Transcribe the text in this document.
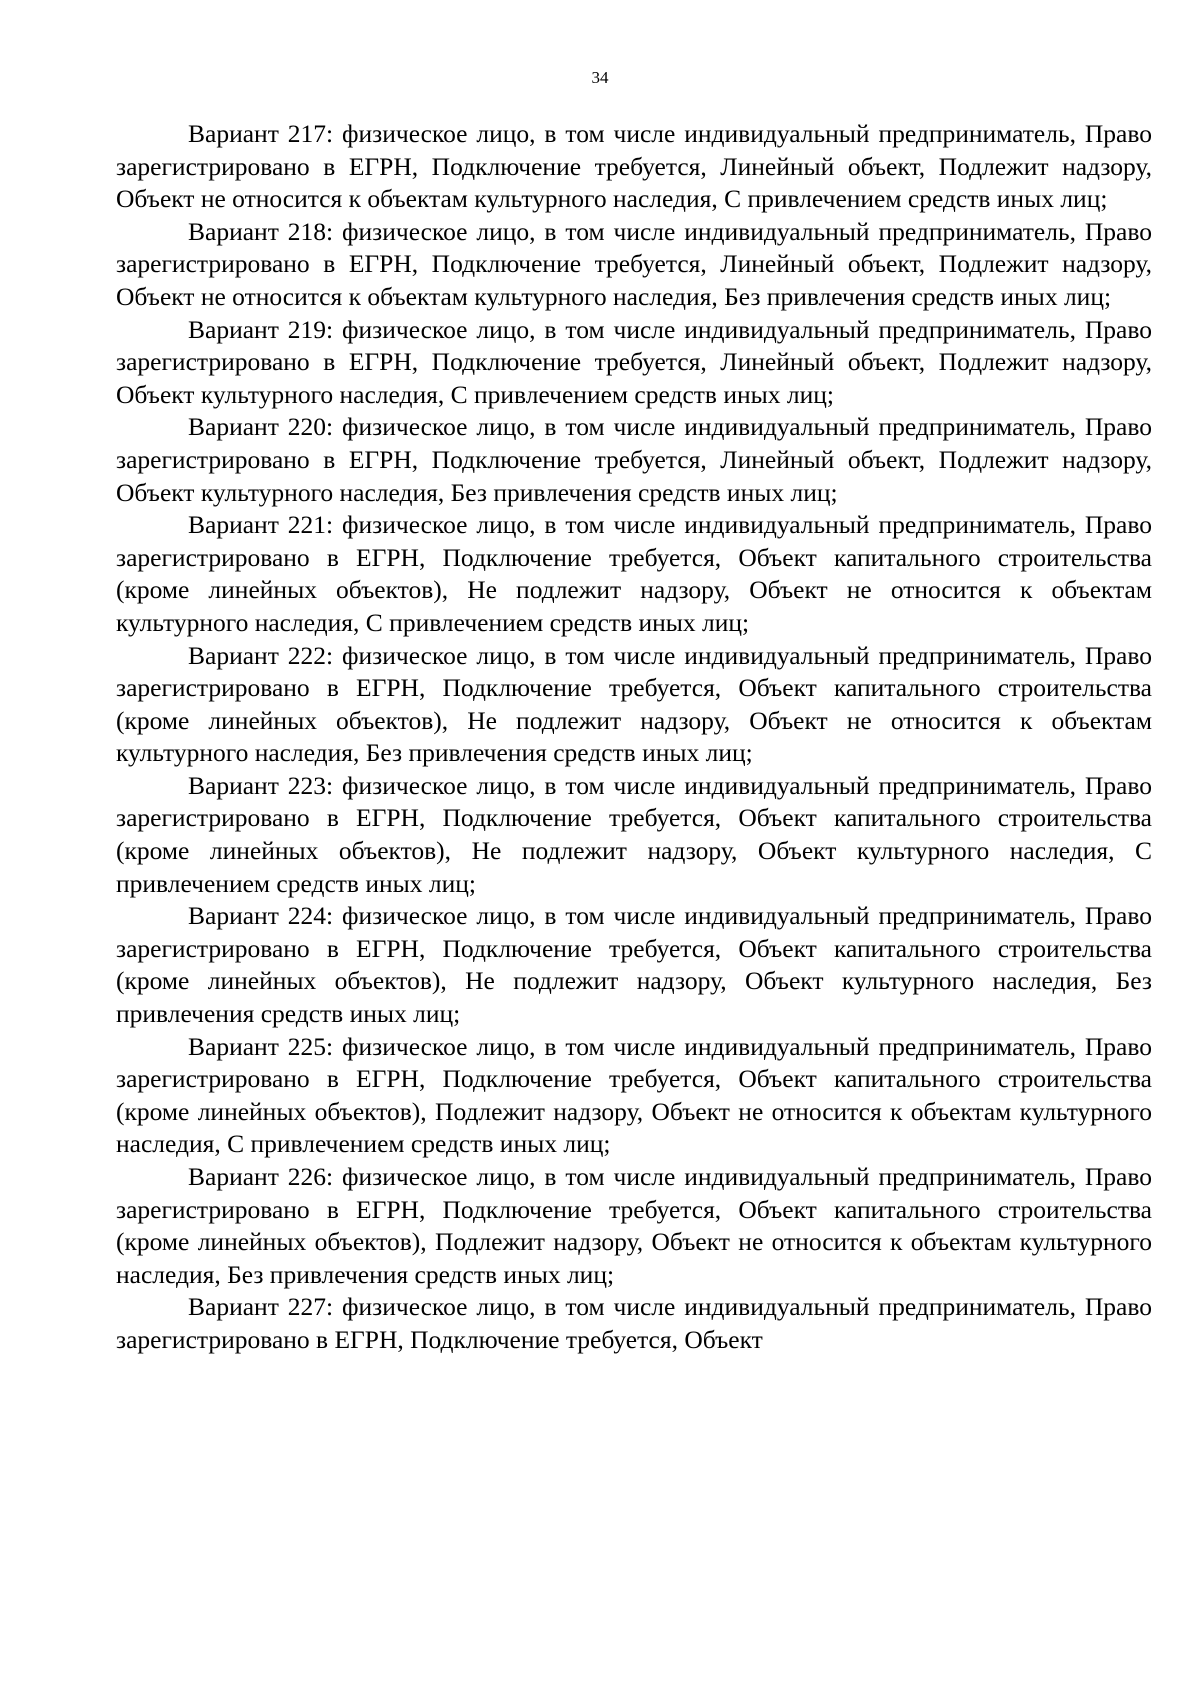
34

Вариант 217: физическое лицо, в том числе индивидуальный предприниматель, Право зарегистрировано в ЕГРН, Подключение требуется, Линейный объект, Подлежит надзору, Объект не относится к объектам культурного наследия, С привлечением средств иных лиц;

Вариант 218: физическое лицо, в том числе индивидуальный предприниматель, Право зарегистрировано в ЕГРН, Подключение требуется, Линейный объект, Подлежит надзору, Объект не относится к объектам культурного наследия, Без привлечения средств иных лиц;

Вариант 219: физическое лицо, в том числе индивидуальный предприниматель, Право зарегистрировано в ЕГРН, Подключение требуется, Линейный объект, Подлежит надзору, Объект культурного наследия, С привлечением средств иных лиц;

Вариант 220: физическое лицо, в том числе индивидуальный предприниматель, Право зарегистрировано в ЕГРН, Подключение требуется, Линейный объект, Подлежит надзору, Объект культурного наследия, Без привлечения средств иных лиц;

Вариант 221: физическое лицо, в том числе индивидуальный предприниматель, Право зарегистрировано в ЕГРН, Подключение требуется, Объект капитального строительства (кроме линейных объектов), Не подлежит надзору, Объект не относится к объектам культурного наследия, С привлечением средств иных лиц;

Вариант 222: физическое лицо, в том числе индивидуальный предприниматель, Право зарегистрировано в ЕГРН, Подключение требуется, Объект капитального строительства (кроме линейных объектов), Не подлежит надзору, Объект не относится к объектам культурного наследия, Без привлечения средств иных лиц;

Вариант 223: физическое лицо, в том числе индивидуальный предприниматель, Право зарегистрировано в ЕГРН, Подключение требуется, Объект капитального строительства (кроме линейных объектов), Не подлежит надзору, Объект культурного наследия, С привлечением средств иных лиц;

Вариант 224: физическое лицо, в том числе индивидуальный предприниматель, Право зарегистрировано в ЕГРН, Подключение требуется, Объект капитального строительства (кроме линейных объектов), Не подлежит надзору, Объект культурного наследия, Без привлечения средств иных лиц;

Вариант 225: физическое лицо, в том числе индивидуальный предприниматель, Право зарегистрировано в ЕГРН, Подключение требуется, Объект капитального строительства (кроме линейных объектов), Подлежит надзору, Объект не относится к объектам культурного наследия, С привлечением средств иных лиц;

Вариант 226: физическое лицо, в том числе индивидуальный предприниматель, Право зарегистрировано в ЕГРН, Подключение требуется, Объект капитального строительства (кроме линейных объектов), Подлежит надзору, Объект не относится к объектам культурного наследия, Без привлечения средств иных лиц;

Вариант 227: физическое лицо, в том числе индивидуальный предприниматель, Право зарегистрировано в ЕГРН, Подключение требуется, Объект
